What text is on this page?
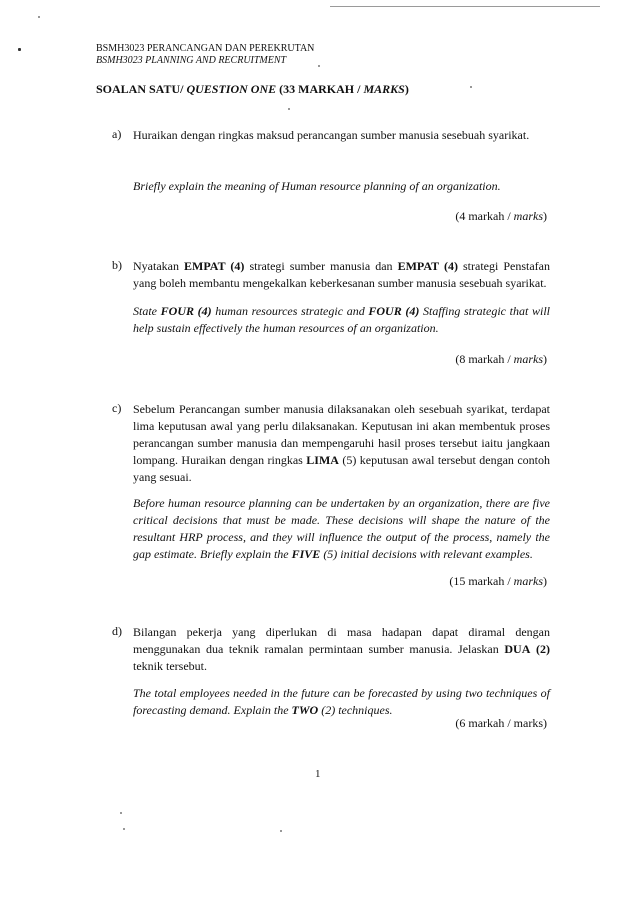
BSMH3023 PERANCANGAN DAN PEREKRUTAN
BSMH3023 PLANNING AND RECRUITMENT
SOALAN SATU/ QUESTION ONE (33 MARKAH / MARKS)
a) Huraikan dengan ringkas maksud perancangan sumber manusia sesebuah syarikat.
Briefly explain the meaning of Human resource planning of an organization.
(4 markah / marks)
b) Nyatakan EMPAT (4) strategi sumber manusia dan EMPAT (4) strategi Penstafan yang boleh membantu mengekalkan keberkesanan sumber manusia sesebuah syarikat.
State FOUR (4) human resources strategic and FOUR (4) Staffing strategic that will help sustain effectively the human resources of an organization.
(8 markah / marks)
c) Sebelum Perancangan sumber manusia dilaksanakan oleh sesebuah syarikat, terdapat lima keputusan awal yang perlu dilaksanakan. Keputusan ini akan membentuk proses perancangan sumber manusia dan mempengaruhi hasil proses tersebut iaitu jangkaan lompang. Huraikan dengan ringkas LIMA (5) keputusan awal tersebut dengan contoh yang sesuai.
Before human resource planning can be undertaken by an organization, there are five critical decisions that must be made. These decisions will shape the nature of the resultant HRP process, and they will influence the output of the process, namely the gap estimate. Briefly explain the FIVE (5) initial decisions with relevant examples.
(15 markah / marks)
d) Bilangan pekerja yang diperlukan di masa hadapan dapat diramal dengan menggunakan dua teknik ramalan permintaan sumber manusia. Jelaskan DUA (2) teknik tersebut.
The total employees needed in the future can be forecasted by using two techniques of forecasting demand. Explain the TWO (2) techniques.
(6 markah / marks)
1
